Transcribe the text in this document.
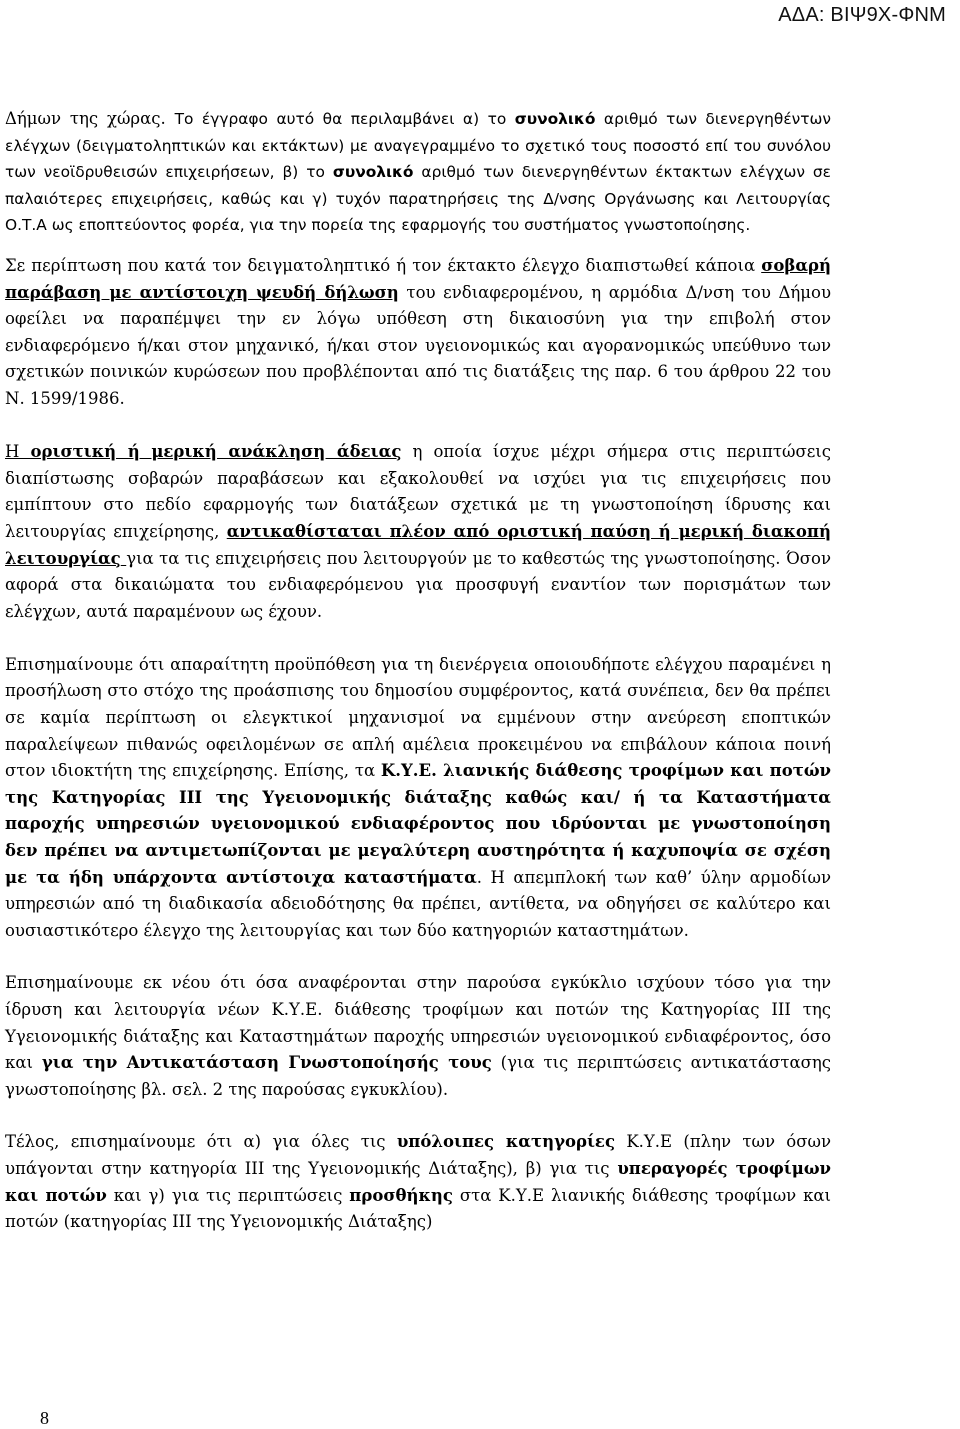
ΑΔΑ: ΒΙΨ9Χ-ΦΝΜ

Δήμων της χώρας. Το έγγραφο αυτό θα περιλαμβάνει α) το συνολικό αριθμό των διενεργηθέντων ελέγχων (δειγματοληπτικών και εκτάκτων) με αναγεγραμμένο το σχετικό τους ποσοστό επί του συνόλου των νεοϊδρυθεισών επιχειρήσεων, β) το συνολικό αριθμό των διενεργηθέντων έκτακτων ελέγχων σε παλαιότερες επιχειρήσεις, καθώς και γ) τυχόν παρατηρήσεις της Δ/νσης Οργάνωσης και Λειτουργίας Ο.Τ.Α ως εποπτεύοντος φορέα, για την πορεία της εφαρμογής του συστήματος γνωστοποίησης.

Σε περίπτωση που κατά τον δειγματοληπτικό ή τον έκτακτο έλεγχο διαπιστωθεί κάποια σοβαρή παράβαση με αντίστοιχη ψευδή δήλωση του ενδιαφερομένου, η αρμόδια Δ/νση του Δήμου οφείλει να παραπέμψει την εν λόγω υπόθεση στη δικαιοσύνη για την επιβολή στον ενδιαφερόμενο ή/και στον μηχανικό, ή/και στον υγειονομικώς και αγορανομικώς υπεύθυνο των σχετικών ποινικών κυρώσεων που προβλέπονται από τις διατάξεις της παρ. 6 του άρθρου 22 του Ν. 1599/1986.

Η οριστική ή μερική ανάκληση άδειας η οποία ίσχυε μέχρι σήμερα στις περιπτώσεις διαπίστωσης σοβαρών παραβάσεων και εξακολουθεί να ισχύει για τις επιχειρήσεις που εμπίπτουν στο πεδίο εφαρμογής των διατάξεων σχετικά με τη γνωστοποίηση ίδρυσης και λειτουργίας επιχείρησης, αντικαθίσταται πλέον από οριστική παύση ή μερική διακοπή λειτουργίας για τα τις επιχειρήσεις που λειτουργούν με το καθεστώς της γνωστοποίησης. Όσον αφορά στα δικαιώματα του ενδιαφερόμενου για προσφυγή εναντίον των πορισμάτων των ελέγχων, αυτά παραμένουν ως έχουν.

Επισημαίνουμε ότι απαραίτητη προϋπόθεση για τη διενέργεια οποιουδήποτε ελέγχου παραμένει η προσήλωση στο στόχο της προάσπισης του δημοσίου συμφέροντος, κατά συνέπεια, δεν θα πρέπει σε καμία περίπτωση οι ελεγκτικοί μηχανισμοί να εμμένουν στην ανεύρεση εποπτικών παραλείψεων πιθανώς οφειλομένων σε απλή αμέλεια προκειμένου να επιβάλουν κάποια ποινή στον ιδιοκτήτη της επιχείρησης. Επίσης, τα Κ.Υ.Ε. λιανικής διάθεσης τροφίμων και ποτών της Κατηγορίας ΙΙΙ της Υγειονομικής διάταξης καθώς και/ ή τα Καταστήματα παροχής υπηρεσιών υγειονομικού ενδιαφέροντος που ιδρύονται με γνωστοποίηση δεν πρέπει να αντιμετωπίζονται με μεγαλύτερη αυστηρότητα ή καχυποψία σε σχέση με τα ήδη υπάρχοντα αντίστοιχα καταστήματα. Η απεμπλοκή των καθ’ ύλην αρμοδίων υπηρεσιών από τη διαδικασία αδειοδότησης θα πρέπει, αντίθετα, να οδηγήσει σε καλύτερο και ουσιαστικότερο έλεγχο της λειτουργίας και των δύο κατηγοριών καταστημάτων.

Επισημαίνουμε εκ νέου ότι όσα αναφέρονται στην παρούσα εγκύκλιο ισχύουν τόσο για την ίδρυση και λειτουργία νέων Κ.Υ.Ε. διάθεσης τροφίμων και ποτών της Κατηγορίας ΙΙΙ της Υγειονομικής διάταξης και Καταστημάτων παροχής υπηρεσιών υγειονομικού ενδιαφέροντος, όσο και για την Αντικατάσταση Γνωστοποίησής τους (για τις περιπτώσεις αντικατάστασης γνωστοποίησης βλ. σελ. 2 της παρούσας εγκυκλίου).

Τέλος, επισημαίνουμε ότι α) για όλες τις υπόλοιπες κατηγορίες Κ.Υ.Ε (πλην των όσων υπάγονται στην κατηγορία ΙΙΙ της Υγειονομικής Διάταξης), β) για τις υπεραγορές τροφίμων και ποτών και γ) για τις περιπτώσεις προσθήκης στα Κ.Υ.Ε λιανικής διάθεσης τροφίμων και ποτών (κατηγορίας ΙΙΙ της Υγειονομικής Διάταξης)

8
